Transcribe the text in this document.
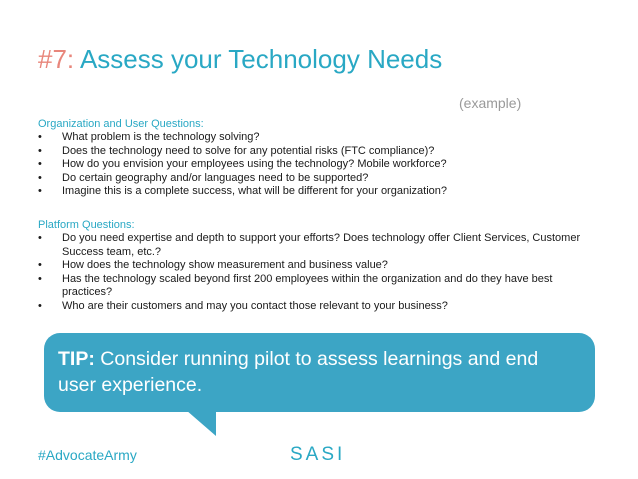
#7: Assess your Technology Needs
(example)
Organization and User Questions:
• What problem is the technology solving?
• Does the technology need to solve for any potential risks (FTC compliance)?
• How do you envision your employees using the technology? Mobile workforce?
• Do certain geography and/or languages need to be supported?
• Imagine this is a complete success, what will be different for your organization?
Platform Questions:
• Do you need expertise and depth to support your efforts? Does technology offer Client Services, Customer Success team, etc.?
• How does the technology show measurement and business value?
• Has the technology scaled beyond first 200 employees within the organization and do they have best practices?
• Who are their customers and may you contact those relevant to your business?
TIP: Consider running pilot to assess learnings and end user experience.
#AdvocateArmy	SASI
